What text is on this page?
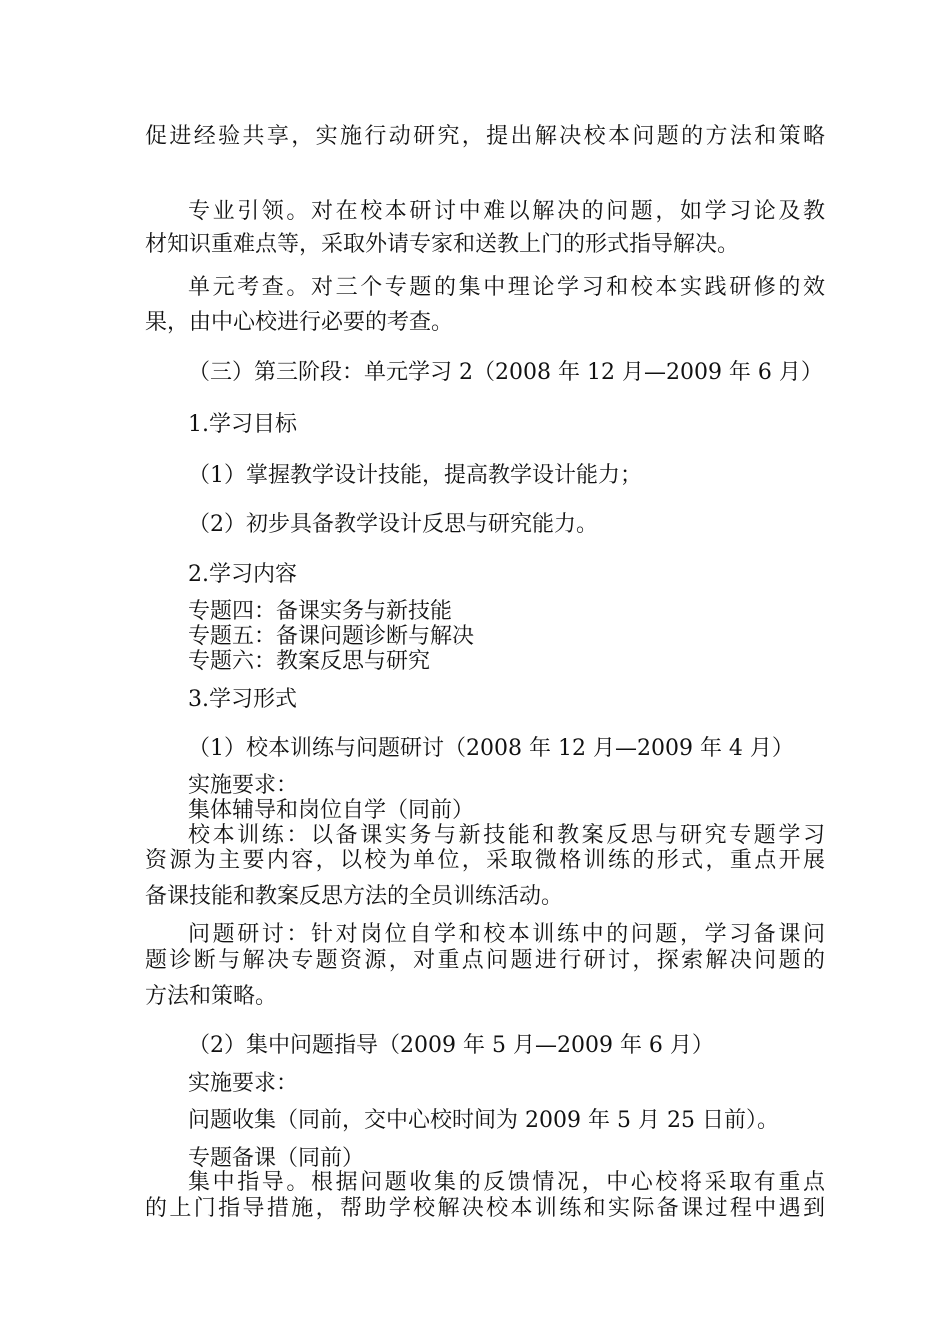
促进经验共享，实施行动研究，提出解决校本问题的方法和策略

专业引领。对在校本研讨中难以解决的问题，如学习论及教

材知识重难点等，采取外请专家和送教上门的形式指导解决。

单元考查。对三个专题的集中理论学习和校本实践研修的效

果，由中心校进行必要的考查。

（三）第三阶段：单元学习 2（2008 年 12 月—2009 年 6 月）

1.学习目标

（1）掌握教学设计技能，提高教学设计能力；

（2）初步具备教学设计反思与研究能力。

2.学习内容

专题四：备课实务与新技能

专题五：备课问题诊断与解决

专题六：教案反思与研究

3.学习形式

（1）校本训练与问题研讨（2008 年 12 月—2009 年 4 月）

实施要求：

集体辅导和岗位自学（同前）

校本训练：以备课实务与新技能和教案反思与研究专题学习

资源为主要内容，以校为单位，采取微格训练的形式，重点开展

备课技能和教案反思方法的全员训练活动。

问题研讨：针对岗位自学和校本训练中的问题，学习备课问

题诊断与解决专题资源，对重点问题进行研讨，探索解决问题的

方法和策略。

（2）集中问题指导（2009 年 5 月—2009 年 6 月）

实施要求：

问题收集（同前，交中心校时间为 2009 年 5 月 25 日前）。

专题备课（同前）

集中指导。根据问题收集的反馈情况，中心校将采取有重点

的上门指导措施，帮助学校解决校本训练和实际备课过程中遇到
